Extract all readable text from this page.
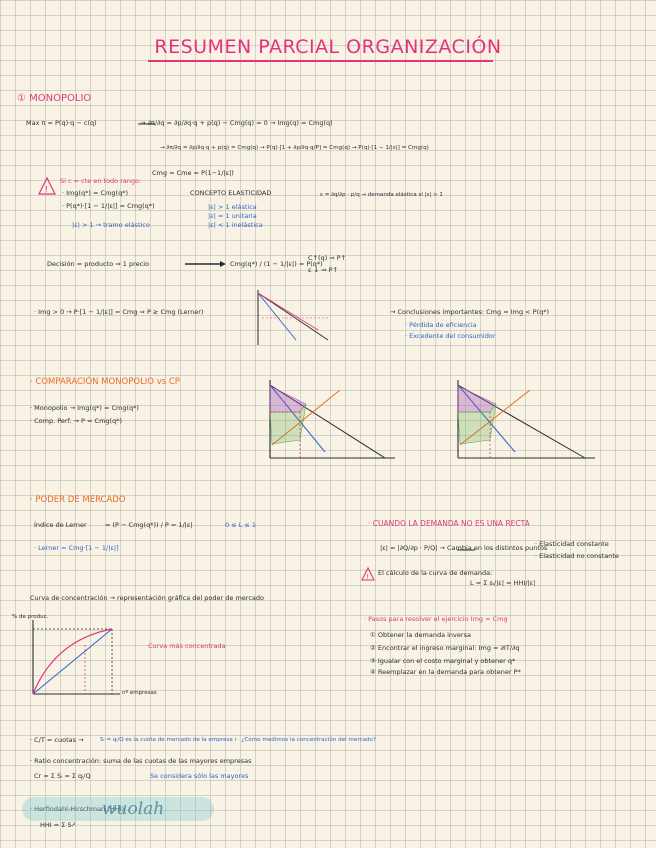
RESUMEN PARCIAL ORGANIZACIÓN
① MONOPOLIO
Max π = P(q)·q − c(q)	→ ∂π/∂q = ∂p/∂q·q + p(q) − Cmg(q) = 0 → Img(q) = Cmg(q)
→ ∂π/∂q = ∂p/∂q·q + p(q) = Cmg(q) → P(q)·[1 + ∂p/∂q·q/P] = Cmg(q) → P(q)·[1 − 1/|ε|] = Cmg(q)
!
!
Si c = cte en todo rango:
· Img(q*) = Cmg(q*)
· P(q*)·[1 − 1/|ε|] = Cmg(q*)
|ε| > 1 → tramo elástico
Cmg = Cme = P(1−1/|ε|)
CONCEPTO ELASTICIDAD	ε = ∂q/∂p · p/q → demanda elástica si |ε| > 1
|ε| > 1 elástica
|ε| = 1 unitaria
|ε| < 1 inelástica
Decisión = producto ⇒ 1 precio	Cmg(q*) / (1 − 1/|ε|) = P(q*)
C↑(q) ⇒ P↑
ε ↓ ⇒ P↑
· Img > 0 → P·[1 − 1/|ε|] = Cmg ⇒ P ≥ Cmg (Lerner)	→ Conclusiones importantes: Cmg = Img < P(q*)
· Pérdida de eficiencia
· Excedente del consumidor
· COMPARACIÓN MONOPOLIO vs CP
· Monopolio → Img(q*) = Cmg(q*)
· Comp. Perf. → P = Cmg(q*)
· PODER DE MERCADO
Índice de Lerner	= (P − Cmg(q*)) / P = 1/|ε|	0 ≤ L ≤ 1
· Lerner = Cmg·[1 − 1/|ε|]
· CUANDO LA DEMANDA NO ES UNA RECTA
|ε| = |∂Q/∂p · P/Q| → Cambia en los distintos puntos
· Elasticidad constante
· Elasticidad no constante
El cálculo de la curva de demanda:
L = Σ sᵢ/|ε| = HHI/|ε|
Curva de concentración → representación gráfica del poder de mercado
% de produc.
nº empresas
Curva más concentrada
· Pasos para resolver el ejercicio Img = Cmg
① Obtener la demanda inversa
② Encontrar el ingreso marginal: Img = ∂IT/∂q
③ Igualar con el costo marginal y obtener q*
④ Reemplazar en la demanda para obtener P*
· C/T = cuotas →	Sᵢ = qᵢ/Q es la cuota de mercado de la empresa i · ¿Cómo medimos la concentración del mercado?
· Ratio concentración: suma de las cuotas de las mayores empresas
Cr = Σ Sᵢ = Σ qᵢ/Q	Se considera sólo las mayores
· Herfindahl-Hirschman (HHI)
HHI = Σ Sᵢ²
wuolah
